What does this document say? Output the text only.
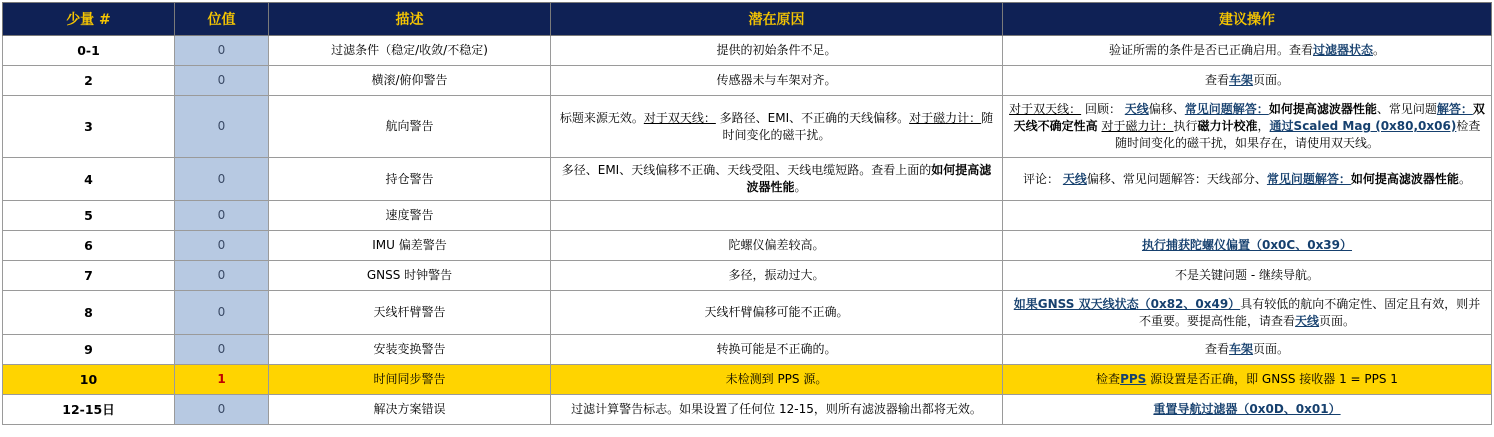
少量 #	位值	描述	潜在原因	建议操作
0-1	0	过滤条件（稳定/收敛/不稳定)	提供的初始条件不足。	验证所需的条件是否已正确启用。查看过滤器状态。
2	0	横滚/俯仰警告	传感器未与车架对齐。	查看车架页面。
3	0	航向警告	标题来源无效。对于双天线： 多路径、EMI、不正确的天线偏移。对于磁力计：随时间变化的磁干扰。	对于双天线： 回顾： 天线偏移、常见问题解答：如何提高滤波器性能、常见问题解答：双天线不确定性高 对于磁力计：执行磁力计校准，通过Scaled Mag (0x80,0x06)检查随时间变化的磁干扰，如果存在，请使用双天线。
4	0	持仓警告	多径、EMI、天线偏移不正确、天线受阻、天线电缆短路。查看上面的如何提高滤波器性能。	评论： 天线偏移、常见问题解答：天线部分、常见问题解答：如何提高滤波器性能。
5	0	速度警告		
6	0	IMU 偏差警告	陀螺仪偏差较高。	执行捕获陀螺仪偏置（0x0C、0x39）
7	0	GNSS 时钟警告	多径，振动过大。	不是关键问题 - 继续导航。
8	0	天线杆臂警告	天线杆臂偏移可能不正确。	如果GNSS 双天线状态（0x82、0x49）具有较低的航向不确定性、固定且有效，则并不重要。要提高性能，请查看天线页面。
9	0	安装变换警告	转换可能是不正确的。	查看车架页面。
10	1	时间同步警告	未检测到 PPS 源。	检查PPS 源设置是否正确，即 GNSS 接收器 1 = PPS 1
12-15日	0	解决方案错误	过滤计算警告标志。如果设置了任何位 12-15，则所有滤波器输出都将无效。	重置导航过滤器（0x0D、0x01）
